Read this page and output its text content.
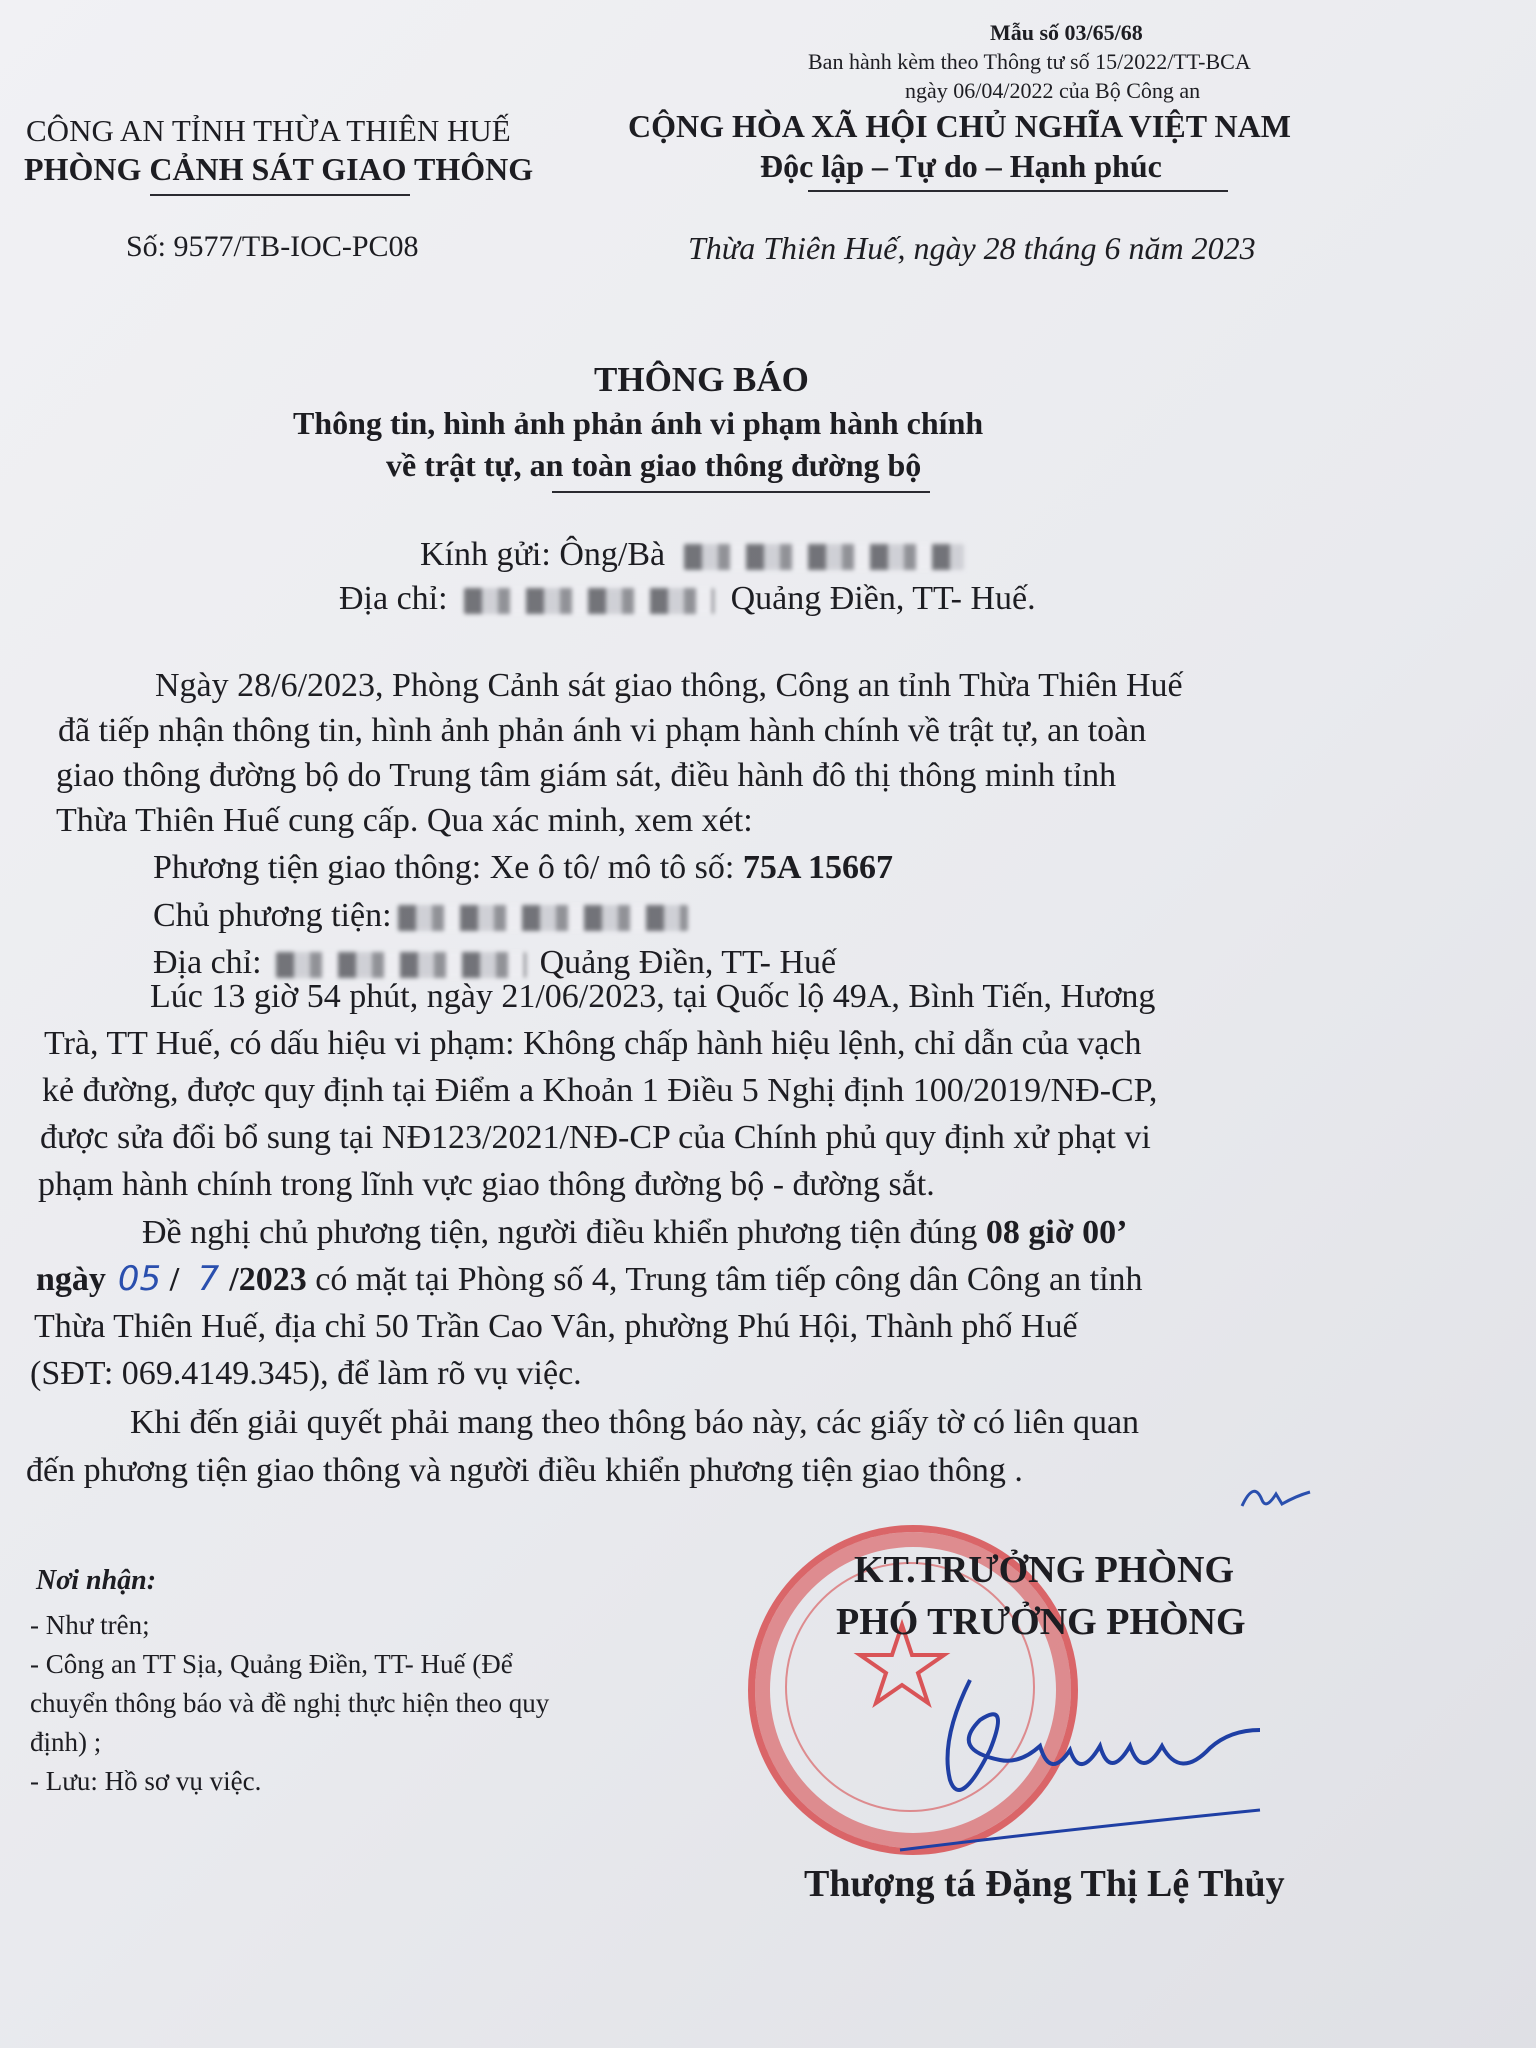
Mẫu số 03/65/68
Ban hành kèm theo Thông tư số 15/2022/TT-BCA
ngày 06/04/2022 của Bộ Công an
CÔNG AN TỈNH THỪA THIÊN HUẾ
PHÒNG CẢNH SÁT GIAO THÔNG
Số: 9577/TB-IOC-PC08
CỘNG HÒA XÃ HỘI CHỦ NGHĨA VIỆT NAM
Độc lập – Tự do – Hạnh phúc
Thừa Thiên Huế, ngày 28 tháng 6 năm 2023
THÔNG BÁO
Thông tin, hình ảnh phản ánh vi phạm hành chính
về trật tự, an toàn giao thông đường bộ
Kính gửi: Ông/Bà
Địa chỉ:	Quảng Điền, TT- Huế.

Ngày 28/6/2023, Phòng Cảnh sát giao thông, Công an tỉnh Thừa Thiên Huế

đã tiếp nhận thông tin, hình ảnh phản ánh vi phạm hành chính về trật tự, an toàn

giao thông đường bộ do Trung tâm giám sát, điều hành đô thị thông minh tỉnh

Thừa Thiên Huế cung cấp. Qua xác minh, xem xét:

Phương tiện giao thông: Xe ô tô/ mô tô số: 75A 15667

Chủ phương tiện:

Địa chỉ:	Quảng Điền, TT- Huế

Lúc 13 giờ 54 phút, ngày 21/06/2023, tại Quốc lộ 49A, Bình Tiến, Hương

Trà, TT Huế, có dấu hiệu vi phạm: Không chấp hành hiệu lệnh, chỉ dẫn của vạch

kẻ đường, được quy định tại Điểm a Khoản 1 Điều 5 Nghị định 100/2019/NĐ-CP,

được sửa đổi bổ sung tại NĐ123/2021/NĐ-CP của Chính phủ quy định xử phạt vi

phạm hành chính trong lĩnh vực giao thông đường bộ - đường sắt.

Đề nghị chủ phương tiện, người điều khiển phương tiện đúng 08 giờ 00’

ngày 05 / 7 /2023 có mặt tại Phòng số 4, Trung tâm tiếp công dân Công an tỉnh

Thừa Thiên Huế, địa chỉ 50 Trần Cao Vân, phường Phú Hội, Thành phố Huế

(SĐT: 069.4149.345), để làm rõ vụ việc.

Khi đến giải quyết phải mang theo thông báo này, các giấy tờ có liên quan

đến phương tiện giao thông và người điều khiển phương tiện giao thông .

Nơi nhận:
- Như trên;
- Công an TT Sịa, Quảng Điền, TT- Huế (Để
chuyển thông báo và đề nghị thực hiện theo quy
định) ;
- Lưu: Hồ sơ vụ việc.
KT.TRƯỞNG PHÒNG
PHÓ TRƯỞNG PHÒNG
Thượng tá Đặng Thị Lệ Thủy
